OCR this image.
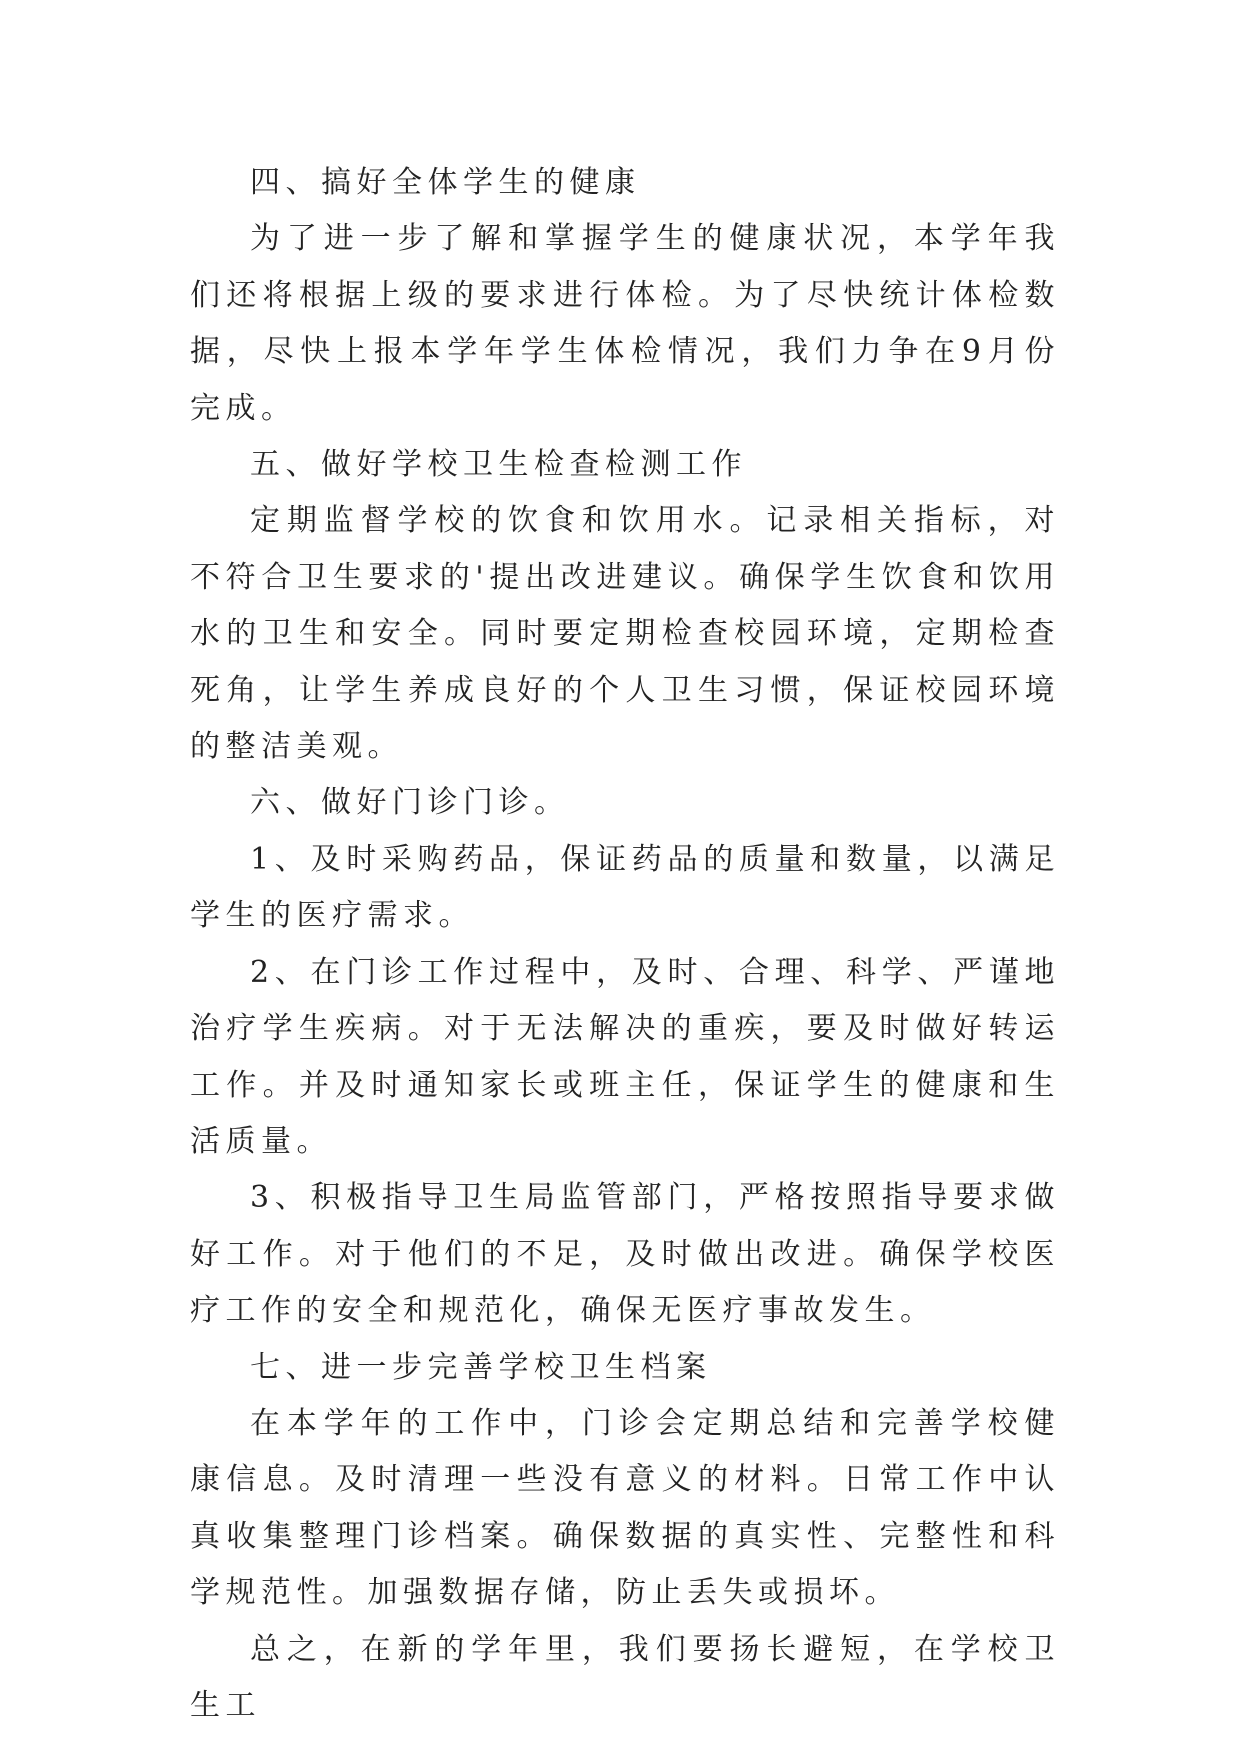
四、搞好全体学生的健康

为了进一步了解和掌握学生的健康状况，本学年我们还将根据上级的要求进行体检。为了尽快统计体检数据，尽快上报本学年学生体检情况，我们力争在9月份完成。

五、做好学校卫生检查检测工作

定期监督学校的饮食和饮用水。记录相关指标，对不符合卫生要求的'提出改进建议。确保学生饮食和饮用水的卫生和安全。同时要定期检查校园环境，定期检查死角，让学生养成良好的个人卫生习惯，保证校园环境的整洁美观。

六、做好门诊门诊。

1、及时采购药品，保证药品的质量和数量，以满足学生的医疗需求。

2、在门诊工作过程中，及时、合理、科学、严谨地治疗学生疾病。对于无法解决的重疾，要及时做好转运工作。并及时通知家长或班主任，保证学生的健康和生活质量。

3、积极指导卫生局监管部门，严格按照指导要求做好工作。对于他们的不足，及时做出改进。确保学校医疗工作的安全和规范化，确保无医疗事故发生。

七、进一步完善学校卫生档案

在本学年的工作中，门诊会定期总结和完善学校健康信息。及时清理一些没有意义的材料。日常工作中认真收集整理门诊档案。确保数据的真实性、完整性和科学规范性。加强数据存储，防止丢失或损坏。

总之，在新的学年里，我们要扬长避短，在学校卫生工
